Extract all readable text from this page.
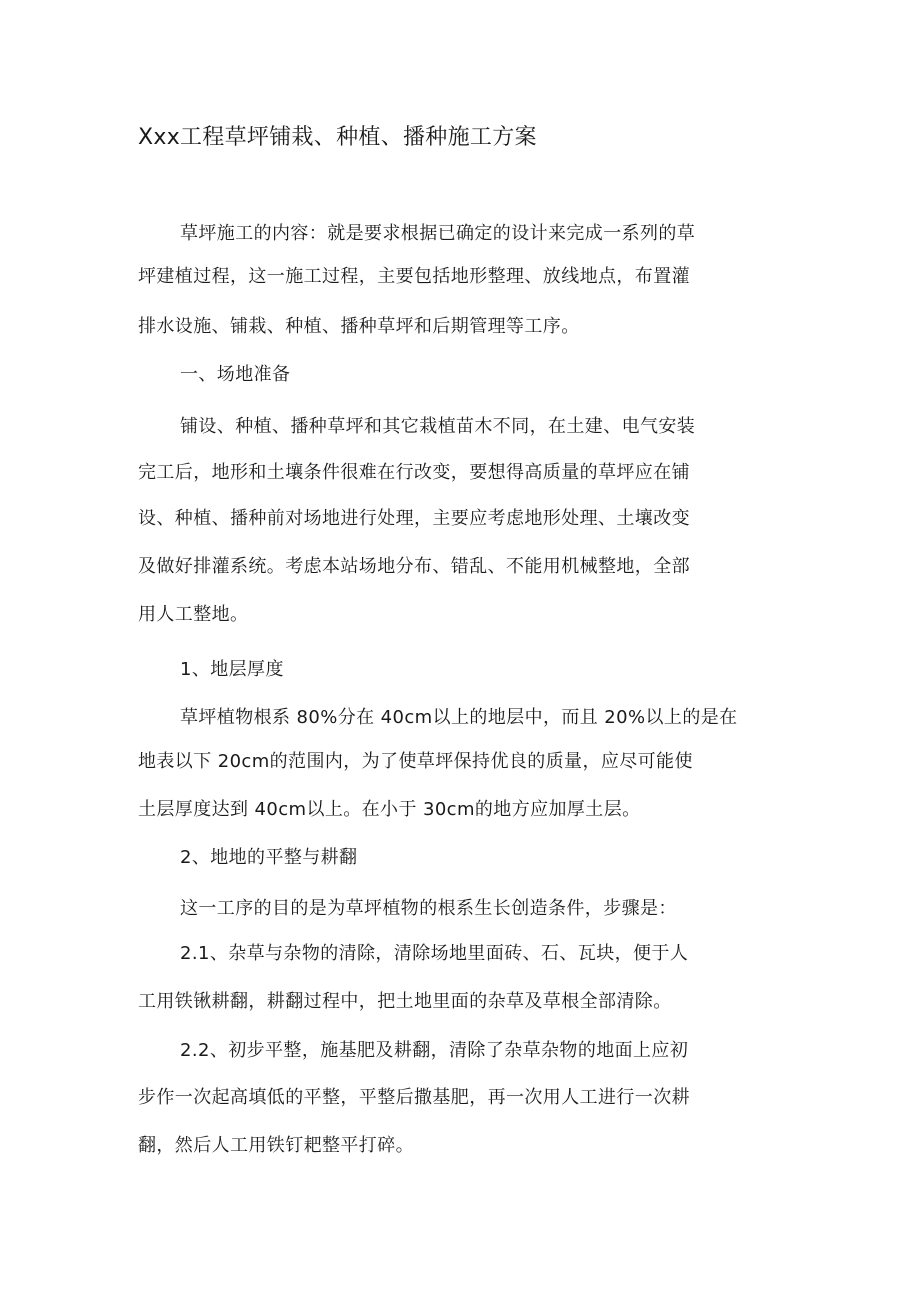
Xxx工程草坪铺栽、种植、播种施工方案
草坪施工的内容：就是要求根据已确定的设计来完成一系列的草
坪建植过程，这一施工过程，主要包括地形整理、放线地点，布置灌
排水设施、铺栽、种植、播种草坪和后期管理等工序。
一、场地准备
铺设、种植、播种草坪和其它栽植苗木不同，在土建、电气安装
完工后，地形和土壤条件很难在行改变，要想得高质量的草坪应在铺
设、种植、播种前对场地进行处理，主要应考虑地形处理、土壤改变
及做好排灌系统。考虑本站场地分布、错乱、不能用机械整地，全部
用人工整地。
1、地层厚度
草坪植物根系 80%分在 40cm以上的地层中，而且 20%以上的是在
地表以下 20cm的范围内，为了使草坪保持优良的质量，应尽可能使
土层厚度达到 40cm以上。在小于 30cm的地方应加厚土层。
2、地地的平整与耕翻
这一工序的目的是为草坪植物的根系生长创造条件，步骤是：
2.1、杂草与杂物的清除，清除场地里面砖、石、瓦块，便于人
工用铁锹耕翻，耕翻过程中，把土地里面的杂草及草根全部清除。
2.2、初步平整，施基肥及耕翻，清除了杂草杂物的地面上应初
步作一次起高填低的平整，平整后撒基肥，再一次用人工进行一次耕
翻，然后人工用铁钉耙整平打碎。
